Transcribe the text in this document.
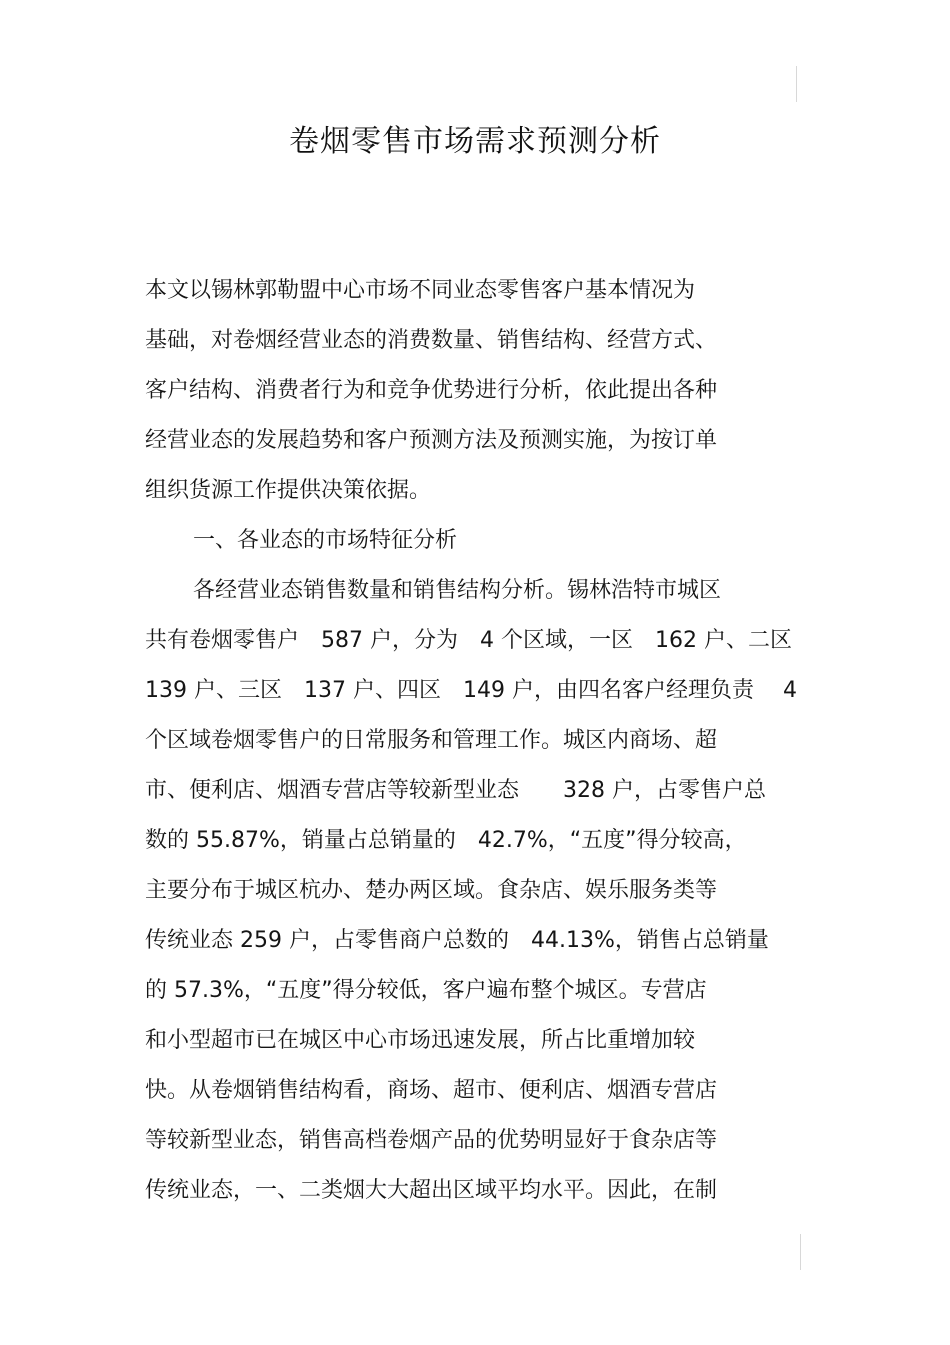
卷烟零售市场需求预测分析
本文以锡林郭勒盟中心市场不同业态零售客户基本情况为
基础，对卷烟经营业态的消费数量、销售结构、经营方式、
客户结构、消费者行为和竞争优势进行分析，依此提出各种
经营业态的发展趋势和客户预测方法及预测实施，为按订单
组织货源工作提供决策依据。
一、各业态的市场特征分析
各经营业态销售数量和销售结构分析。锡林浩特市城区
共有卷烟零售户　587 户，分为　4 个区域，一区　162 户、二区
139 户、三区　137 户、四区　149 户，由四名客户经理负责　 4
个区域卷烟零售户的日常服务和管理工作。城区内商场、超
市、便利店、烟酒专营店等较新型业态　　328 户，占零售户总
数的 55.87%，销量占总销量的　42.7%，“五度”得分较高，
主要分布于城区杭办、楚办两区域。食杂店、娱乐服务类等
传统业态 259 户，占零售商户总数的　44.13%，销售占总销量
的 57.3%，“五度”得分较低，客户遍布整个城区。专营店
和小型超市已在城区中心市场迅速发展，所占比重增加较
快。从卷烟销售结构看，商场、超市、便利店、烟酒专营店
等较新型业态，销售高档卷烟产品的优势明显好于食杂店等
传统业态，一、二类烟大大超出区域平均水平。因此，在制
